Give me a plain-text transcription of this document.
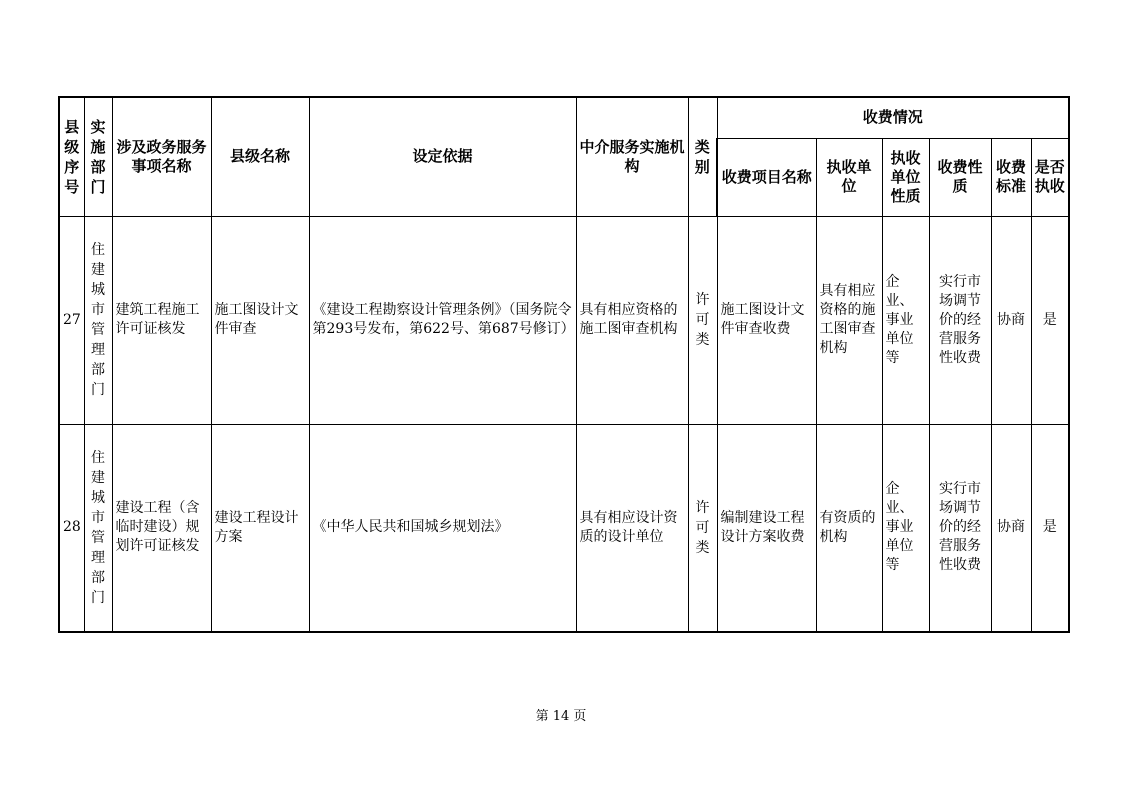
县级序号	实施部门	涉及政务服务事项名称	县级名称	设定依据	中介服务实施机构	类别	收费情况					
							收费项目名称	执收单位	执收单位性质	收费性质	收费标准	是否执收
27	住建城市管理部门	建筑工程施工许可证核发	施工图设计文件审查	《建设工程勘察设计管理条例》（国务院令第293号发布，第622号、第687号修订）	具有相应资格的施工图审查机构	许可类	施工图设计文件审查收费	具有相应资格的施工图审查机构	企业、事业单位等	实行市场调节价的经营服务性收费	协商	是
28	住建城市管理部门	建设工程（含临时建设）规划许可证核发	建设工程设计方案	《中华人民共和国城乡规划法》	具有相应设计资质的设计单位	许可类	编制建设工程设计方案收费	有资质的机构	企业、事业单位等	实行市场调节价的经营服务性收费	协商	是
第 14 页
